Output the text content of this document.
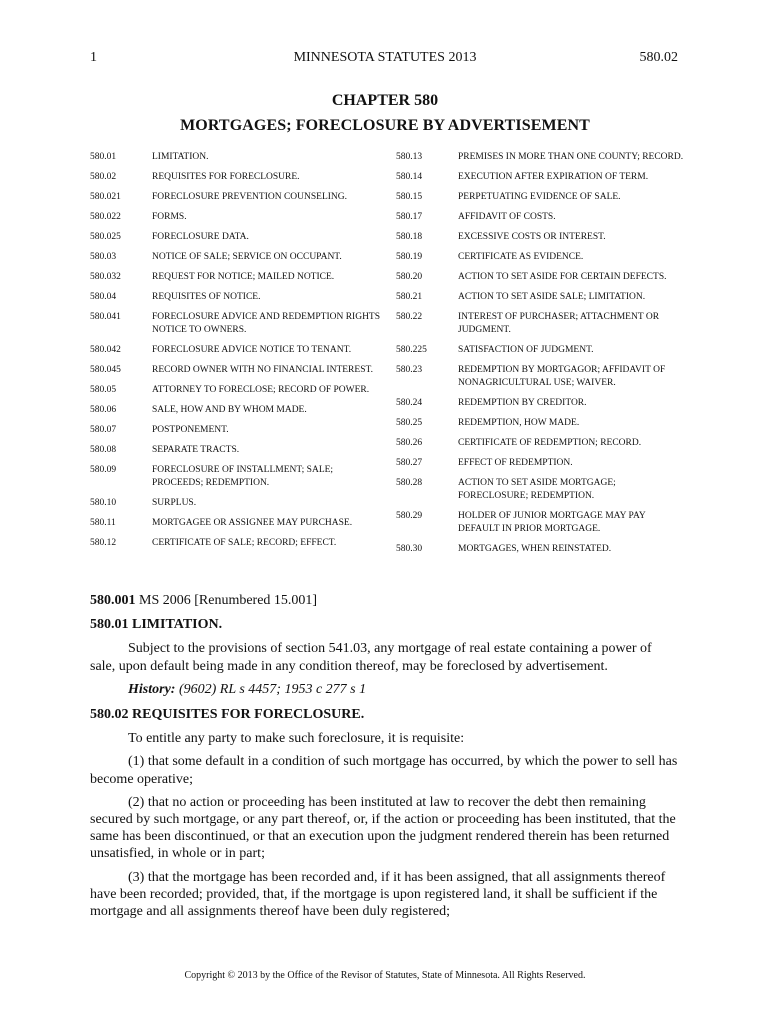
1	MINNESOTA STATUTES 2013	580.02
CHAPTER 580
MORTGAGES; FORECLOSURE BY ADVERTISEMENT
580.01	LIMITATION.
580.02	REQUISITES FOR FORECLOSURE.
580.021	FORECLOSURE PREVENTION COUNSELING.
580.022	FORMS.
580.025	FORECLOSURE DATA.
580.03	NOTICE OF SALE; SERVICE ON OCCUPANT.
580.032	REQUEST FOR NOTICE; MAILED NOTICE.
580.04	REQUISITES OF NOTICE.
580.041	FORECLOSURE ADVICE AND REDEMPTION RIGHTS NOTICE TO OWNERS.
580.042	FORECLOSURE ADVICE NOTICE TO TENANT.
580.045	RECORD OWNER WITH NO FINANCIAL INTEREST.
580.05	ATTORNEY TO FORECLOSE; RECORD OF POWER.
580.06	SALE, HOW AND BY WHOM MADE.
580.07	POSTPONEMENT.
580.08	SEPARATE TRACTS.
580.09	FORECLOSURE OF INSTALLMENT; SALE; PROCEEDS; REDEMPTION.
580.10	SURPLUS.
580.11	MORTGAGEE OR ASSIGNEE MAY PURCHASE.
580.12	CERTIFICATE OF SALE; RECORD; EFFECT.
580.13	PREMISES IN MORE THAN ONE COUNTY; RECORD.
580.14	EXECUTION AFTER EXPIRATION OF TERM.
580.15	PERPETUATING EVIDENCE OF SALE.
580.17	AFFIDAVIT OF COSTS.
580.18	EXCESSIVE COSTS OR INTEREST.
580.19	CERTIFICATE AS EVIDENCE.
580.20	ACTION TO SET ASIDE FOR CERTAIN DEFECTS.
580.21	ACTION TO SET ASIDE SALE; LIMITATION.
580.22	INTEREST OF PURCHASER; ATTACHMENT OR JUDGMENT.
580.225	SATISFACTION OF JUDGMENT.
580.23	REDEMPTION BY MORTGAGOR; AFFIDAVIT OF NONAGRICULTURAL USE; WAIVER.
580.24	REDEMPTION BY CREDITOR.
580.25	REDEMPTION, HOW MADE.
580.26	CERTIFICATE OF REDEMPTION; RECORD.
580.27	EFFECT OF REDEMPTION.
580.28	ACTION TO SET ASIDE MORTGAGE; FORECLOSURE; REDEMPTION.
580.29	HOLDER OF JUNIOR MORTGAGE MAY PAY DEFAULT IN PRIOR MORTGAGE.
580.30	MORTGAGES, WHEN REINSTATED.

580.001 MS 2006 [Renumbered 15.001]

580.01 LIMITATION.

Subject to the provisions of section 541.03, any mortgage of real estate containing a power of sale, upon default being made in any condition thereof, may be foreclosed by advertisement.

History: (9602) RL s 4457; 1953 c 277 s 1

580.02 REQUISITES FOR FORECLOSURE.

To entitle any party to make such foreclosure, it is requisite:

(1) that some default in a condition of such mortgage has occurred, by which the power to sell has become operative;

(2) that no action or proceeding has been instituted at law to recover the debt then remaining secured by such mortgage, or any part thereof, or, if the action or proceeding has been instituted, that the same has been discontinued, or that an execution upon the judgment rendered therein has been returned unsatisfied, in whole or in part;

(3) that the mortgage has been recorded and, if it has been assigned, that all assignments thereof have been recorded; provided, that, if the mortgage is upon registered land, it shall be sufficient if the mortgage and all assignments thereof have been duly registered;

Copyright © 2013 by the Office of the Revisor of Statutes, State of Minnesota. All Rights Reserved.
